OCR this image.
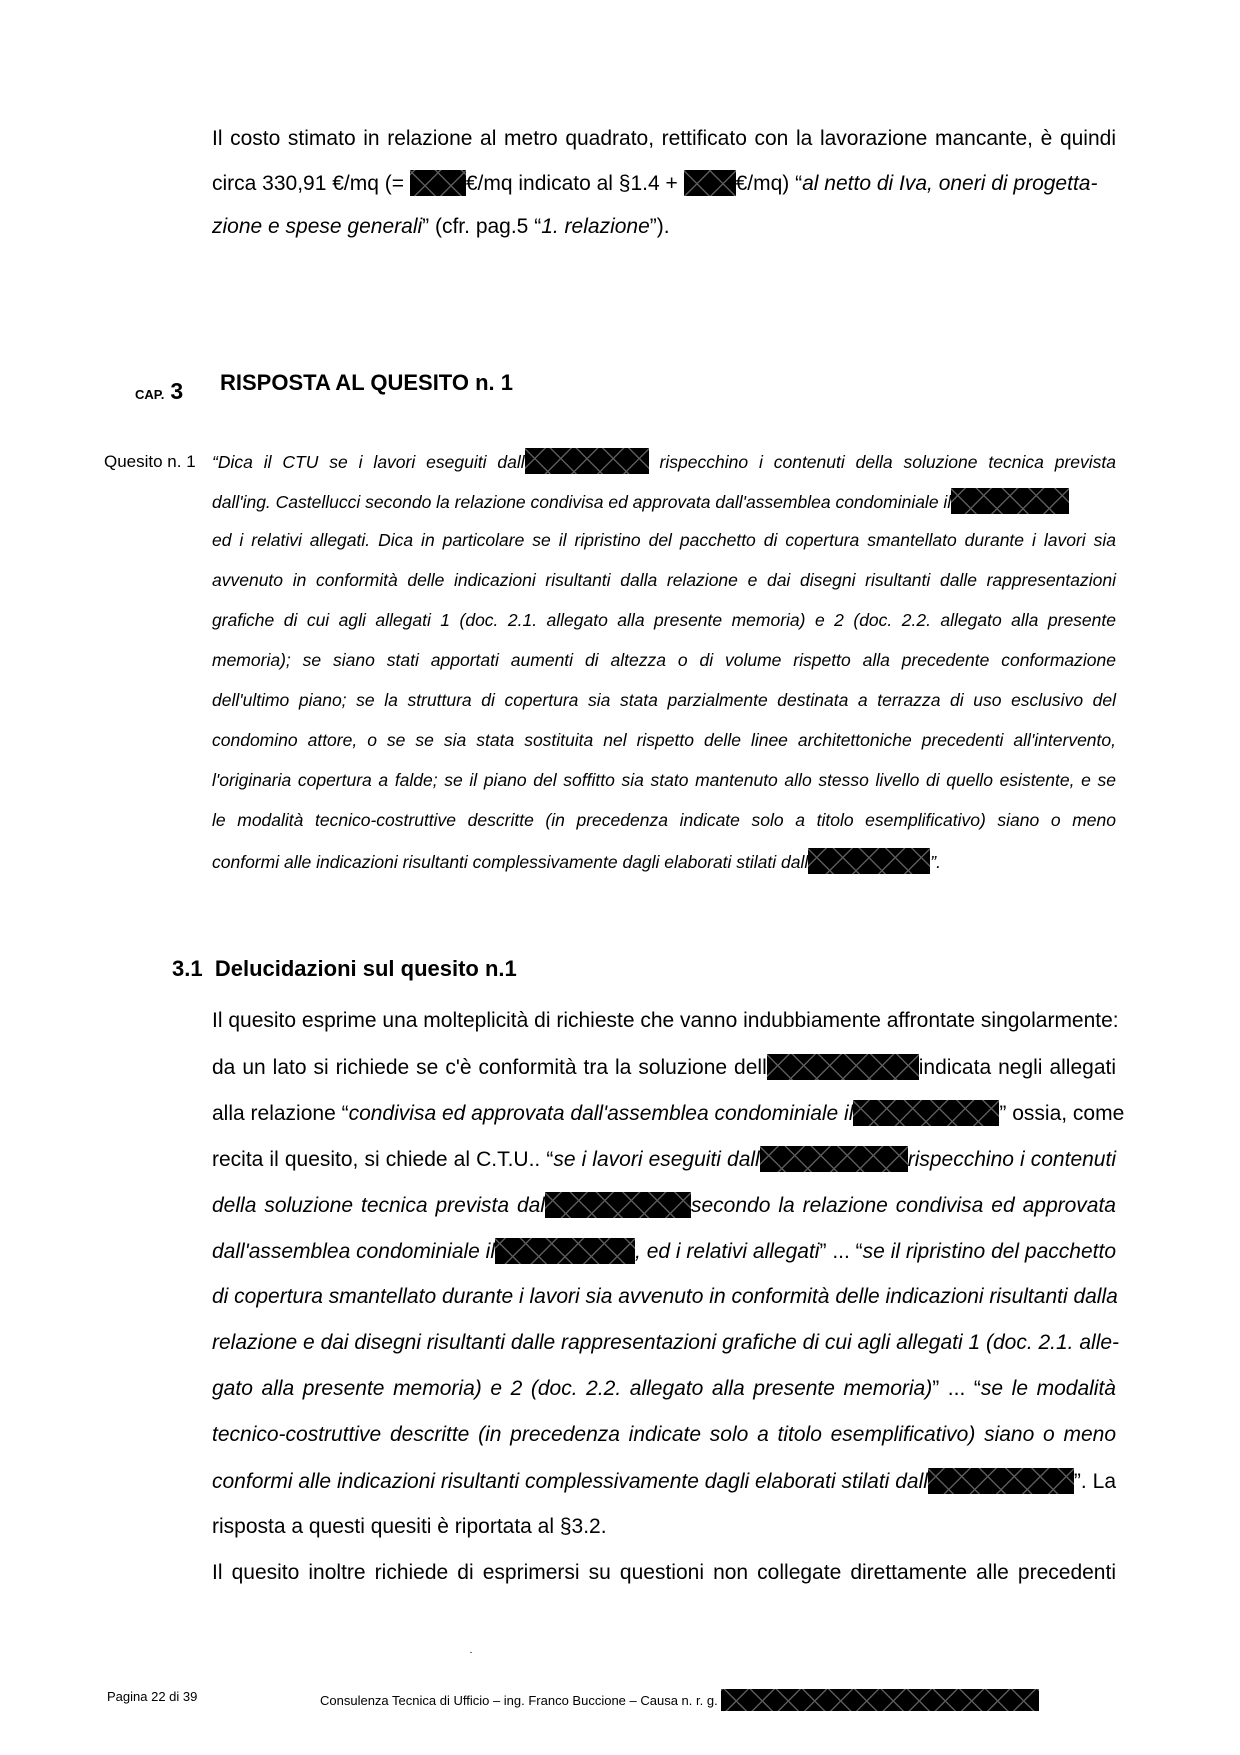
Il costo stimato in relazione al metro quadrato, rettificato con la lavorazione mancante, è quindi
circa 330,91 €/mq (=	€/mq indicato al §1.4 + €/mq) “al netto di Iva, oneri di progetta-
zione e spese generali” (cfr. pag.5 “1. relazione”).
CAP. 3 RISPOSTA AL QUESITO n. 1
Quesito n. 1 “Dica il CTU se i lavori eseguiti dall	rispecchino i contenuti della soluzione tecnica prevista
dall'ing. Castellucci secondo la relazione condivisa ed approvata dall'assemblea condominiale il
ed i relativi allegati. Dica in particolare se il ripristino del pacchetto di copertura smantellato durante i lavori sia
avvenuto in conformità delle indicazioni risultanti dalla relazione e dai disegni risultanti dalle rappresentazioni
grafiche di cui agli allegati 1 (doc. 2.1. allegato alla presente memoria) e 2 (doc. 2.2. allegato alla presente
memoria); se siano stati apportati aumenti di altezza o di volume rispetto alla precedente conformazione
dell'ultimo piano; se la struttura di copertura sia stata parzialmente destinata a terrazza di uso esclusivo del
condomino attore, o se se sia stata sostituita nel rispetto delle linee architettoniche precedenti all'intervento,
l'originaria copertura a falde; se il piano del soffitto sia stato mantenuto allo stesso livello di quello esistente, e se
le modalità tecnico-costruttive descritte (in precedenza indicate solo a titolo esemplificativo) siano o meno
conformi alle indicazioni risultanti complessivamente dagli elaborati stilati dall	”.
3.1 Delucidazioni sul quesito n.1
Il quesito esprime una molteplicità di richieste che vanno indubbiamente affrontate singolarmente:
da un lato si richiede se c'è conformità tra la soluzione dell	indicata negli allegati
alla relazione “condivisa ed approvata dall'assemblea condominiale il	” ossia, come
recita il quesito, si chiede al C.T.U.. “se i lavori eseguiti dall	rispecchino i contenuti
della soluzione tecnica prevista dal	secondo la relazione condivisa ed approvata
dall'assemblea condominiale il	, ed i relativi allegati” ... “se il ripristino del pacchetto
di copertura smantellato durante i lavori sia avvenuto in conformità delle indicazioni risultanti dalla
relazione e dai disegni risultanti dalle rappresentazioni grafiche di cui agli allegati 1 (doc. 2.1. alle-
gato alla presente memoria) e 2 (doc. 2.2. allegato alla presente memoria)” ... “se le modalità
tecnico-costruttive descritte (in precedenza indicate solo a titolo esemplificativo) siano o meno
conformi alle indicazioni risultanti complessivamente dagli elaborati stilati dall	”. La
risposta a questi quesiti è riportata al §3.2.
Il quesito inoltre richiede di esprimersi su questioni non collegate direttamente alle precedenti
Pagina 22 di 39	Consulenza Tecnica di Ufficio – ing. Franco Buccione – Causa n. r. g.
